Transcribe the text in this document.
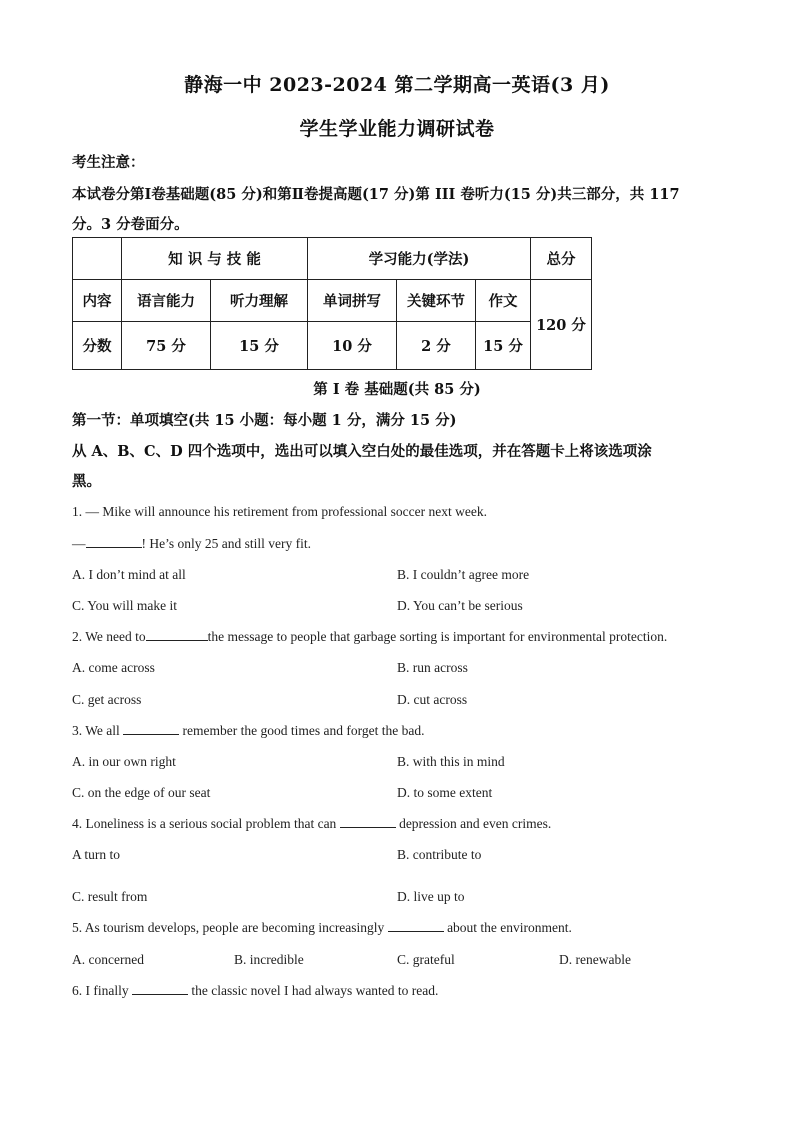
静海一中 2023-2024 第二学期高一英语(3 月)
学生学业能力调研试卷
考生注意：
本试卷分第Ⅰ卷基础题(85 分)和第Ⅱ卷提高题(17 分)第 III 卷听力(15 分)共三部分，共 117
分。3 分卷面分。
	知 识 与 技 能		学习能力(学法)			总分
内容	语言能力	听力理解	单词拼写	关键环节	作文	120 分
分数	75 分	15 分	10 分	2 分	15 分	
第 I 卷 基础题(共 85 分)
第一节：单项填空(共 15 小题：每小题 1 分，满分 15 分)
从 A、B、C、D 四个选项中，选出可以填入空白处的最佳选项，并在答题卡上将该选项涂
黑。
1. — Mike will announce his retirement from professional soccer next week.
—	! He’s only 25 and still very fit.
A. I don’t mind at all	B. I couldn’t agree more
C. You will make it	D. You can’t be serious
2. We need to	the message to people that garbage sorting is important for environmental protection.
A. come across	B. run across
C. get across	D. cut across
3. We all	remember the good times and forget the bad.
A. in our own right	B. with this in mind
C. on the edge of our seat	D. to some extent
4. Loneliness is a serious social problem that can	depression and even crimes.
A turn to	B. contribute to
C. result from	D. live up to
5. As tourism develops, people are becoming increasingly	about the environment.
A. concerned	B. incredible	C. grateful	D. renewable
6. I finally	the classic novel I had always wanted to read.
